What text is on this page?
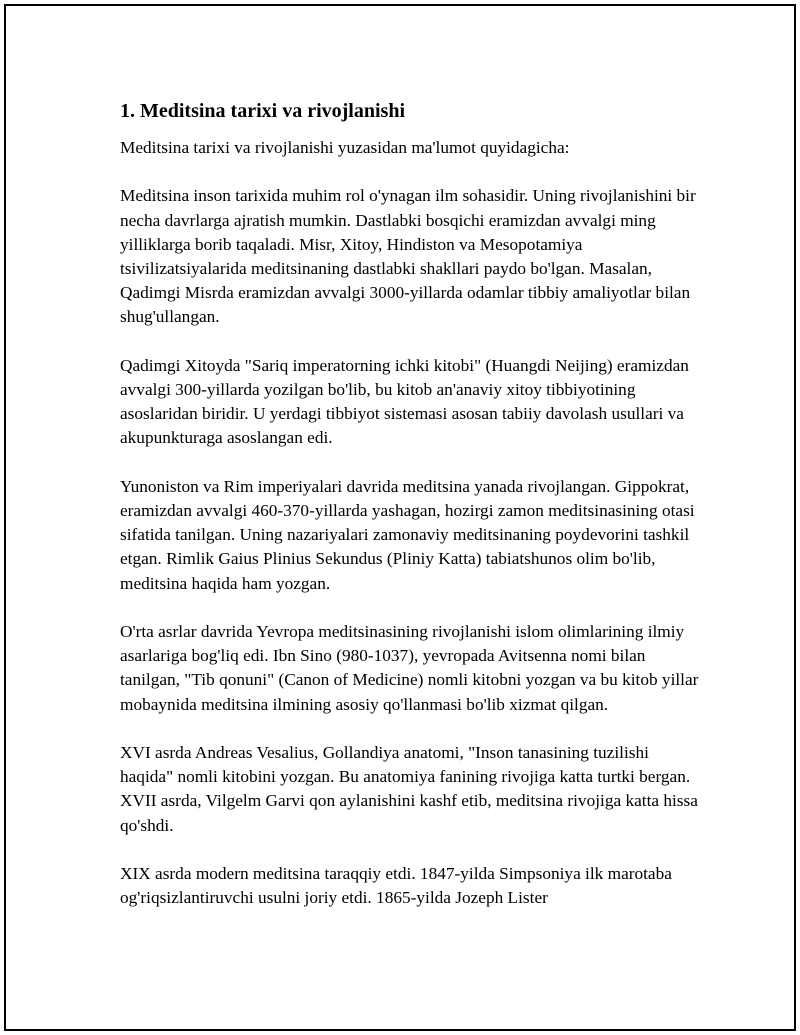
1. Meditsina tarixi va rivojlanishi

Meditsina tarixi va rivojlanishi yuzasidan ma'lumot quyidagicha:

Meditsina inson tarixida muhim rol o'ynagan ilm sohasidir. Uning rivojlanishini bir necha davrlarga ajratish mumkin. Dastlabki bosqichi eramizdan avvalgi ming yilliklarga borib taqaladi. Misr, Xitoy, Hindiston va Mesopotamiya tsivilizatsiyalarida meditsinaning dastlabki shakllari paydo bo'lgan. Masalan, Qadimgi Misrda eramizdan avvalgi 3000-yillarda odamlar tibbiy amaliyotlar bilan shug'ullangan.

Qadimgi Xitoyda "Sariq imperatorning ichki kitobi" (Huangdi Neijing) eramizdan avvalgi 300-yillarda yozilgan bo'lib, bu kitob an'anaviy xitoy tibbiyotining asoslaridan biridir. U yerdagi tibbiyot sistemasi asosan tabiiy davolash usullari va akupunkturaga asoslangan edi.

Yunoniston va Rim imperiyalari davrida meditsina yanada rivojlangan. Gippokrat, eramizdan avvalgi 460-370-yillarda yashagan, hozirgi zamon meditsinasining otasi sifatida tanilgan. Uning nazariyalari zamonaviy meditsinaning poydevorini tashkil etgan. Rimlik Gaius Plinius Sekundus (Pliniy Katta) tabiatshunos olim bo'lib, meditsina haqida ham yozgan.

O'rta asrlar davrida Yevropa meditsinasining rivojlanishi islom olimlarining ilmiy asarlariga bog'liq edi. Ibn Sino (980-1037), yevropada Avitsenna nomi bilan tanilgan, "Tib qonuni" (Canon of Medicine) nomli kitobni yozgan va bu kitob yillar mobaynida meditsina ilmining asosiy qo'llanmasi bo'lib xizmat qilgan.

XVI asrda Andreas Vesalius, Gollandiya anatomi, "Inson tanasining tuzilishi haqida" nomli kitobini yozgan. Bu anatomiya fanining rivojiga katta turtki bergan. XVII asrda, Vilgelm Garvi qon aylanishini kashf etib, meditsina rivojiga katta hissa qo'shdi.

XIX asrda modern meditsina taraqqiy etdi. 1847-yilda Simpsoniya ilk marotaba og'riqsizlantiruvchi usulni joriy etdi. 1865-yilda Jozeph Lister
